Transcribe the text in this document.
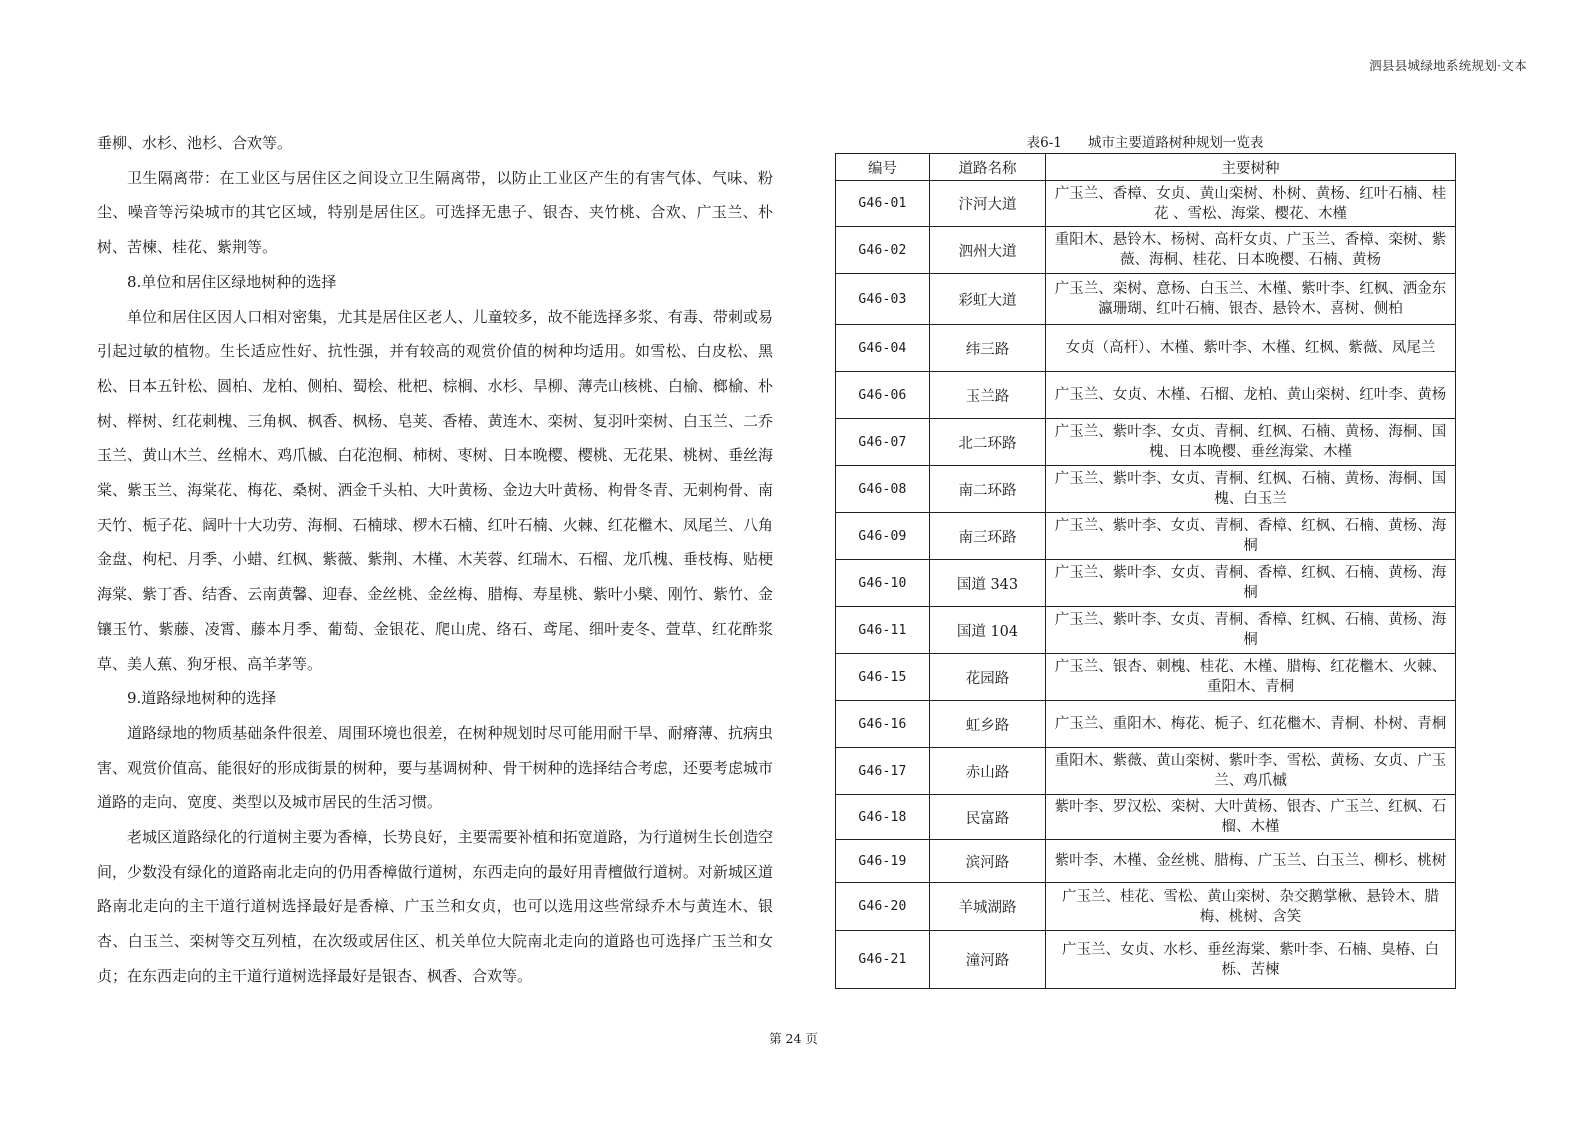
泗县县城绿地系统规划·文本

垂柳、水杉、池杉、合欢等。

卫生隔离带：在工业区与居住区之间设立卫生隔离带，以防止工业区产生的有害气体、气味、粉尘、噪音等污染城市的其它区域，特别是居住区。可选择无患子、银杏、夹竹桃、合欢、广玉兰、朴树、苦楝、桂花、紫荆等。

8.单位和居住区绿地树种的选择

单位和居住区因人口相对密集，尤其是居住区老人、儿童较多，故不能选择多浆、有毒、带刺或易引起过敏的植物。生长适应性好、抗性强，并有较高的观赏价值的树种均适用。如雪松、白皮松、黑松、日本五针松、圆柏、龙柏、侧柏、蜀桧、枇杷、棕榈、水杉、旱柳、薄壳山核桃、白榆、榔榆、朴树、榉树、红花刺槐、三角枫、枫香、枫杨、皂荚、香椿、黄连木、栾树、复羽叶栾树、白玉兰、二乔玉兰、黄山木兰、丝棉木、鸡爪槭、白花泡桐、柿树、枣树、日本晚樱、樱桃、无花果、桃树、垂丝海棠、紫玉兰、海棠花、梅花、桑树、洒金千头柏、大叶黄杨、金边大叶黄杨、枸骨冬青、无刺枸骨、南天竹、栀子花、阔叶十大功劳、海桐、石楠球、椤木石楠、红叶石楠、火棘、红花檵木、凤尾兰、八角金盘、枸杞、月季、小蜡、红枫、紫薇、紫荆、木槿、木芙蓉、红瑞木、石榴、龙爪槐、垂枝梅、贴梗海棠、紫丁香、结香、云南黄馨、迎春、金丝桃、金丝梅、腊梅、寿星桃、紫叶小檗、刚竹、紫竹、金镶玉竹、紫藤、凌霄、藤本月季、葡萄、金银花、爬山虎、络石、鸢尾、细叶麦冬、萱草、红花酢浆草、美人蕉、狗牙根、高羊茅等。

9.道路绿地树种的选择

道路绿地的物质基础条件很差、周围环境也很差，在树种规划时尽可能用耐干旱、耐瘠薄、抗病虫害、观赏价值高、能很好的形成街景的树种，要与基调树种、骨干树种的选择结合考虑，还要考虑城市道路的走向、宽度、类型以及城市居民的生活习惯。

老城区道路绿化的行道树主要为香樟，长势良好，主要需要补植和拓宽道路，为行道树生长创造空间，少数没有绿化的道路南北走向的仍用香樟做行道树，东西走向的最好用青檀做行道树。对新城区道路南北走向的主干道行道树选择最好是香樟、广玉兰和女贞，也可以选用这些常绿乔木与黄连木、银杏、白玉兰、栾树等交互列植，在次级或居住区、机关单位大院南北走向的道路也可选择广玉兰和女贞；在东西走向的主干道行道树选择最好是银杏、枫香、合欢等。

表6-1 城市主要道路树种规划一览表
编号	道路名称	主要树种
G46-01	汴河大道	广玉兰、香樟、女贞、黄山栾树、朴树、黄杨、红叶石楠、桂花 、雪松、海棠、樱花、木槿
G46-02	泗州大道	重阳木、悬铃木、杨树、高杆女贞、广玉兰、香樟、栾树、紫薇、海桐、桂花、日本晚樱、石楠、黄杨
G46-03	彩虹大道	广玉兰、栾树、意杨、白玉兰、木槿、紫叶李、红枫、洒金东瀛珊瑚、红叶石楠、银杏、悬铃木、喜树、侧柏
G46-04	纬三路	女贞（高杆）、木槿、紫叶李、木槿、红枫、紫薇、凤尾兰
G46-06	玉兰路	广玉兰、女贞、木槿、石榴、龙柏、黄山栾树、红叶李、黄杨
G46-07	北二环路	广玉兰、紫叶李、女贞、青桐、红枫、石楠、黄杨、海桐、国槐、日本晚樱、垂丝海棠、木槿
G46-08	南二环路	广玉兰、紫叶李、女贞、青桐、红枫、石楠、黄杨、海桐、国槐、白玉兰
G46-09	南三环路	广玉兰、紫叶李、女贞、青桐、香樟、红枫、石楠、黄杨、海桐
G46-10	国道 343	广玉兰、紫叶李、女贞、青桐、香樟、红枫、石楠、黄杨、海桐
G46-11	国道 104	广玉兰、紫叶李、女贞、青桐、香樟、红枫、石楠、黄杨、海桐
G46-15	花园路	广玉兰、银杏、刺槐、桂花、木槿、腊梅、红花檵木、火棘、重阳木、青桐
G46-16	虹乡路	广玉兰、重阳木、梅花、栀子、红花檵木、青桐、朴树、青桐
G46-17	赤山路	重阳木、紫薇、黄山栾树、紫叶李、雪松、黄杨、女贞、广玉兰、鸡爪槭
G46-18	民富路	紫叶李、罗汉松、栾树、大叶黄杨、银杏、广玉兰、红枫、石榴、木槿
G46-19	滨河路	紫叶李、木槿、金丝桃、腊梅、广玉兰、白玉兰、柳杉、桃树
G46-20	羊城湖路	广玉兰、桂花、雪松、黄山栾树、杂交鹅掌楸、悬铃木、腊梅、桃树、含笑
G46-21	潼河路	广玉兰、女贞、水杉、垂丝海棠、紫叶李、石楠、臭椿、白栎、苦楝
第 24 页
